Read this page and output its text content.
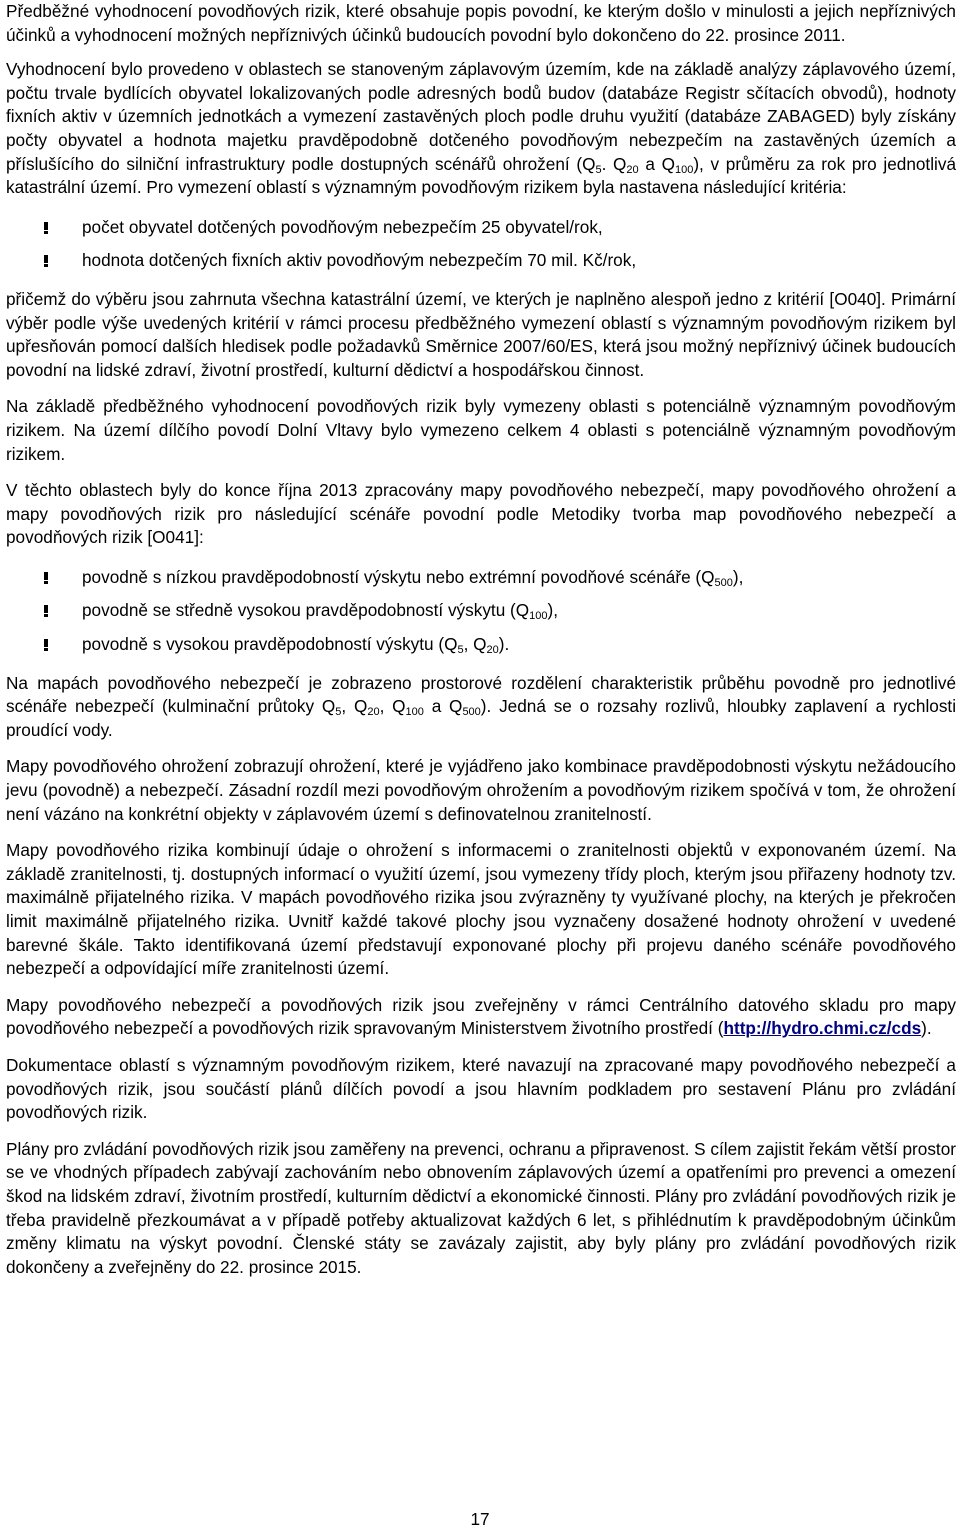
Předběžné vyhodnocení povodňových rizik, které obsahuje popis povodní, ke kterým došlo v minulosti a jejich nepříznivých účinků a vyhodnocení možných nepříznivých účinků budoucích povodní bylo dokončeno do 22. prosince 2011.

Vyhodnocení bylo provedeno v oblastech se stanoveným záplavovým územím, kde na základě analýzy záplavového území, počtu trvale bydlících obyvatel lokalizovaných podle adresných bodů budov (databáze Registr sčítacích obvodů), hodnoty fixních aktiv v územních jednotkách a vymezení zastavěných ploch podle druhu využití (databáze ZABAGED) byly získány počty obyvatel a hodnota majetku pravděpodobně dotčeného povodňovým nebezpečím na zastavěných územích a příslušícího do silniční infrastruktury podle dostupných scénářů ohrožení ($Q_5$. $Q_{20}$ a $Q_{100}$), v průměru za rok pro jednotlivá katastrální území. Pro vymezení oblastí s významným povodňovým rizikem byla nastavena následující kritéria:

počet obyvatel dotčených povodňovým nebezpečím 25 obyvatel/rok,
hodnota dotčených fixních aktiv povodňovým nebezpečím 70 mil. Kč/rok,

přičemž do výběru jsou zahrnuta všechna katastrální území, ve kterých je naplněno alespoň jedno z kritérií [O040]. Primární výběr podle výše uvedených kritérií v rámci procesu předběžného vymezení oblastí s významným povodňovým rizikem byl upřesňován pomocí dalších hledisek podle požadavků Směrnice 2007/60/ES, která jsou možný nepříznivý účinek budoucích povodní na lidské zdraví, životní prostředí, kulturní dědictví a hospodářskou činnost.

Na základě předběžného vyhodnocení povodňových rizik byly vymezeny oblasti s potenciálně významným povodňovým rizikem. Na území dílčího povodí Dolní Vltavy bylo vymezeno celkem 4 oblasti s potenciálně významným povodňovým rizikem.

V těchto oblastech byly do konce října 2013 zpracovány mapy povodňového nebezpečí, mapy povodňového ohrožení a mapy povodňových rizik pro následující scénáře povodní podle Metodiky tvorba map povodňového nebezpečí a povodňových rizik [O041]:

povodně s nízkou pravděpodobností výskytu nebo extrémní povodňové scénáře $(Q_{500})$,
povodně se středně vysokou pravděpodobností výskytu $(Q_{100})$,
povodně s vysokou pravděpodobností výskytu ($Q_5$, $Q_{20}$).

Na mapách povodňového nebezpečí je zobrazeno prostorové rozdělení charakteristik průběhu povodně pro jednotlivé scénáře nebezpečí (kulminační průtoky $Q_5$, $Q_{20}$, $Q_{100}$ a $Q_{500}$). Jedná se o rozsahy rozlivů, hloubky zaplavení a rychlosti proudící vody.

Mapy povodňového ohrožení zobrazují ohrožení, které je vyjádřeno jako kombinace pravděpodobnosti výskytu nežádoucího jevu (povodně) a nebezpečí. Zásadní rozdíl mezi povodňovým ohrožením a povodňovým rizikem spočívá v tom, že ohrožení není vázáno na konkrétní objekty v záplavovém území s definovatelnou zranitelností.

Mapy povodňového rizika kombinují údaje o ohrožení s informacemi o zranitelnosti objektů v exponovaném území. Na základě zranitelnosti, tj. dostupných informací o využití území, jsou vymezeny třídy ploch, kterým jsou přiřazeny hodnoty tzv. maximálně přijatelného rizika. V mapách povodňového rizika jsou zvýrazněny ty využívané plochy, na kterých je překročen limit maximálně přijatelného rizika. Uvnitř každé takové plochy jsou vyznačeny dosažené hodnoty ohrožení v uvedené barevné škále. Takto identifikovaná území představují exponované plochy při projevu daného scénáře povodňového nebezpečí a odpovídající míře zranitelnosti území.

Mapy povodňového nebezpečí a povodňových rizik jsou zveřejněny v rámci Centrálního datového skladu pro mapy povodňového nebezpečí a povodňových rizik spravovaným Ministerstvem životního prostředí (http://hydro.chmi.cz/cds).

Dokumentace oblastí s významným povodňovým rizikem, které navazují na zpracované mapy povodňového nebezpečí a povodňových rizik, jsou součástí plánů dílčích povodí a jsou hlavním podkladem pro sestavení Plánu pro zvládání povodňových rizik.

Plány pro zvládání povodňových rizik jsou zaměřeny na prevenci, ochranu a připravenost. S cílem zajistit řekám větší prostor se ve vhodných případech zabývají zachováním nebo obnovením záplavových území a opatřeními pro prevenci a omezení škod na lidském zdraví, životním prostředí, kulturním dědictví a ekonomické činnosti. Plány pro zvládání povodňových rizik je třeba pravidelně přezkoumávat a v případě potřeby aktualizovat každých 6 let, s přihlédnutím k pravděpodobným účinkům změny klimatu na výskyt povodní. Členské státy se zavázaly zajistit, aby byly plány pro zvládání povodňových rizik dokončeny a zveřejněny do 22. prosince 2015.

17
